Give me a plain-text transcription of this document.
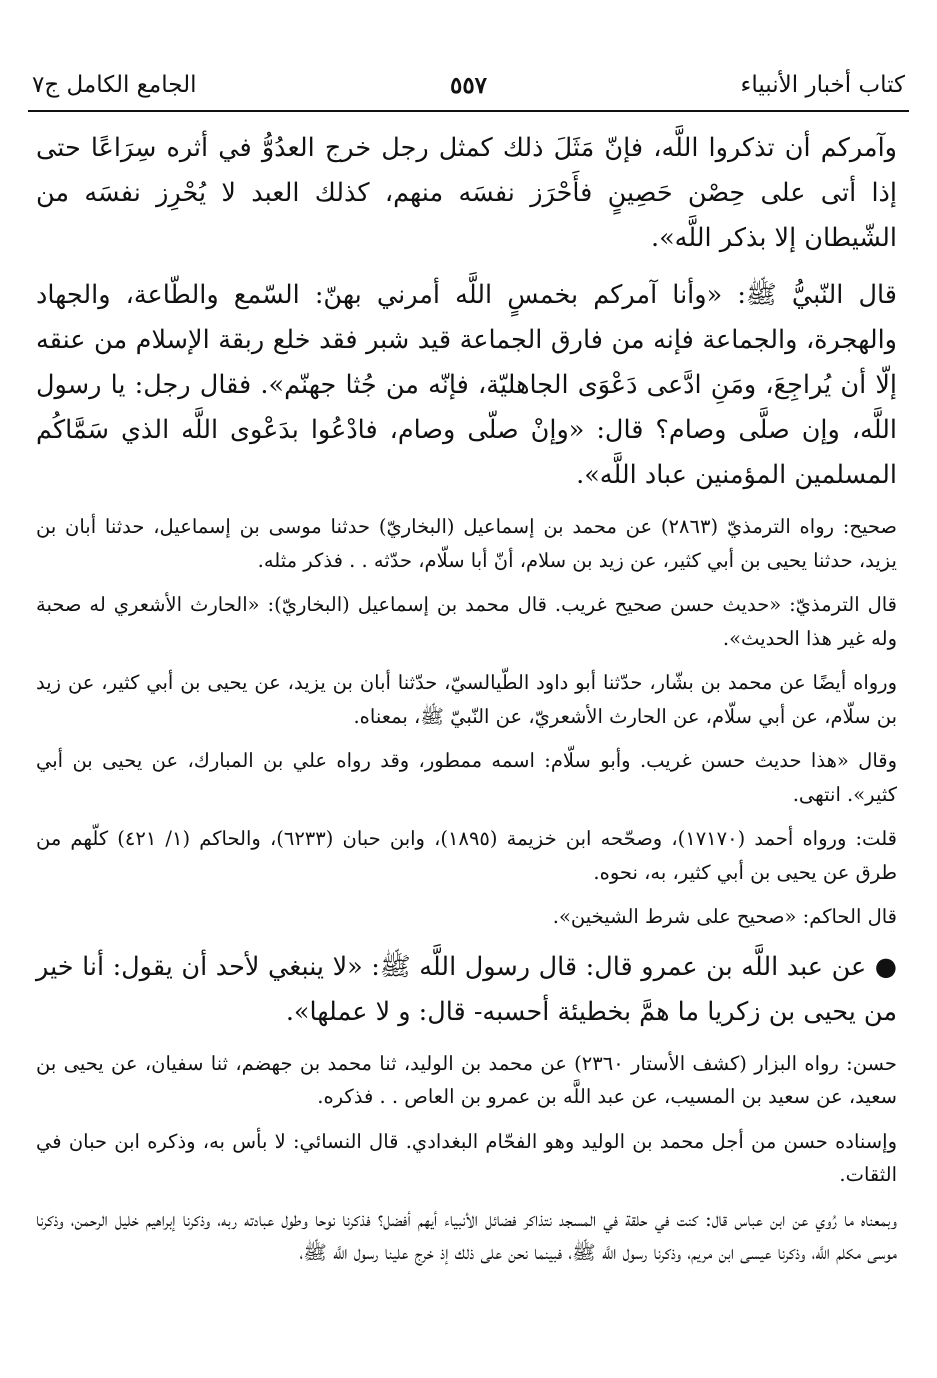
كتاب أخبار الأنبياء
٥٥٧
الجامع الكامل ج٧

وآمركم أن تذكروا اللَّه، فإنّ مَثَلَ ذلك كمثل رجل خرج العدُوُّ في أثره سِرَاعًا حتى إذا أتى على حِصْن حَصِينٍ فأَحْرَز نفسَه منهم، كذلك العبد لا يُحْرِز نفسَه من الشّيطان إلا بذكر اللَّه».

قال النّبيُّ ﷺ: «وأنا آمركم بخمسٍ اللَّه أمرني بهنّ: السّمع والطّاعة، والجهاد والهجرة، والجماعة فإنه من فارق الجماعة قيد شبر فقد خلع ربقة الإسلام من عنقه إلّا أن يُراجِعَ، ومَنِ ادَّعى دَعْوَى الجاهليّة، فإنّه من جُثا جهنّم». فقال رجل: يا رسول اللَّه، وإن صلَّى وصام؟ قال: «وإنْ صلّى وصام، فادْعُوا بدَعْوى اللَّه الذي سَمَّاكُم المسلمين المؤمنين عباد اللَّه».

صحيح: رواه الترمذيّ (٢٨٦٣) عن محمد بن إسماعيل (البخاريّ) حدثنا موسى بن إسماعيل، حدثنا أبان بن يزيد، حدثنا يحيى بن أبي كثير، عن زيد بن سلام، أنّ أبا سلّام، حدّثه . . فذكر مثله.

قال الترمذيّ: «حديث حسن صحيح غريب. قال محمد بن إسماعيل (البخاريّ): «الحارث الأشعري له صحبة وله غير هذا الحديث».

ورواه أيضًا عن محمد بن بشّار، حدّثنا أبو داود الطّيالسيّ، حدّثنا أبان بن يزيد، عن يحيى بن أبي كثير، عن زيد بن سلّام، عن أبي سلّام، عن الحارث الأشعريّ، عن النّبيّ ﷺ، بمعناه.

وقال «هذا حديث حسن غريب. وأبو سلّام: اسمه ممطور، وقد رواه علي بن المبارك، عن يحيى بن أبي كثير». انتهى.

قلت: ورواه أحمد (١٧١٧٠)، وصحّحه ابن خزيمة (١٨٩٥)، وابن حبان (٦٢٣٣)، والحاكم (١/ ٤٢١) كلّهم من طرق عن يحيى بن أبي كثير، به، نحوه.

قال الحاكم: «صحيح على شرط الشيخين».

● عن عبد اللَّه بن عمرو قال: قال رسول اللَّه ﷺ: «لا ينبغي لأحد أن يقول: أنا خير من يحيى بن زكريا ما همَّ بخطيئة أحسبه- قال: و لا عملها».

حسن: رواه البزار (كشف الأستار ٢٣٦٠) عن محمد بن الوليد، ثنا محمد بن جهضم، ثنا سفيان، عن يحيى بن سعيد، عن سعيد بن المسيب، عن عبد اللَّه بن عمرو بن العاص . . فذكره.

وإسناده حسن من أجل محمد بن الوليد وهو الفحّام البغدادي. قال النسائي: لا بأس به، وذكره ابن حبان في الثقات.

وبمعناه ما رُوي عن ابن عباس قال: كنت في حلقة في المسجد نتذاكر فضائل الأنبياء أيهم أفضل؟ فذكرنا نوحا وطول عبادته ربه، وذكرنا إبراهيم خليل الرحمن، وذكرنا موسى مكلم اللَّه، وذكرنا عيسى ابن مريم، وذكرنا رسول اللَّه ﷺ، فبينما نحن على ذلك إذ خرج علينا رسول اللَّه ﷺ،
